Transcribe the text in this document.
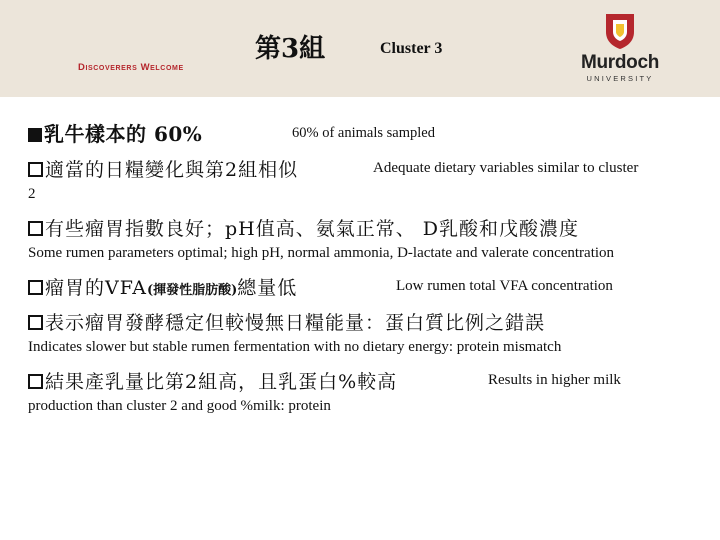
Discoverers Welcome
第3組	Cluster 3
Murdoch
UNIVERSITY
乳牛樣本的 60%	60% of animals sampled
適當的日糧變化與第2組相似	Adequate dietary variables similar to cluster
2
有些瘤胃指數良好；pH值高、氨氣正常、 D乳酸和戊酸濃度
Some rumen parameters optimal; high pH, normal ammonia, D-lactate and valerate concentration
瘤胃的VFA(揮發性脂肪酸)總量低	Low rumen total VFA concentration
表示瘤胃發酵穩定但較慢無日糧能量：蛋白質比例之錯誤
Indicates slower but stable rumen fermentation with no dietary energy: protein mismatch
結果產乳量比第2組高，且乳蛋白%較高	Results in higher milk
production than cluster 2 and good %milk: protein
